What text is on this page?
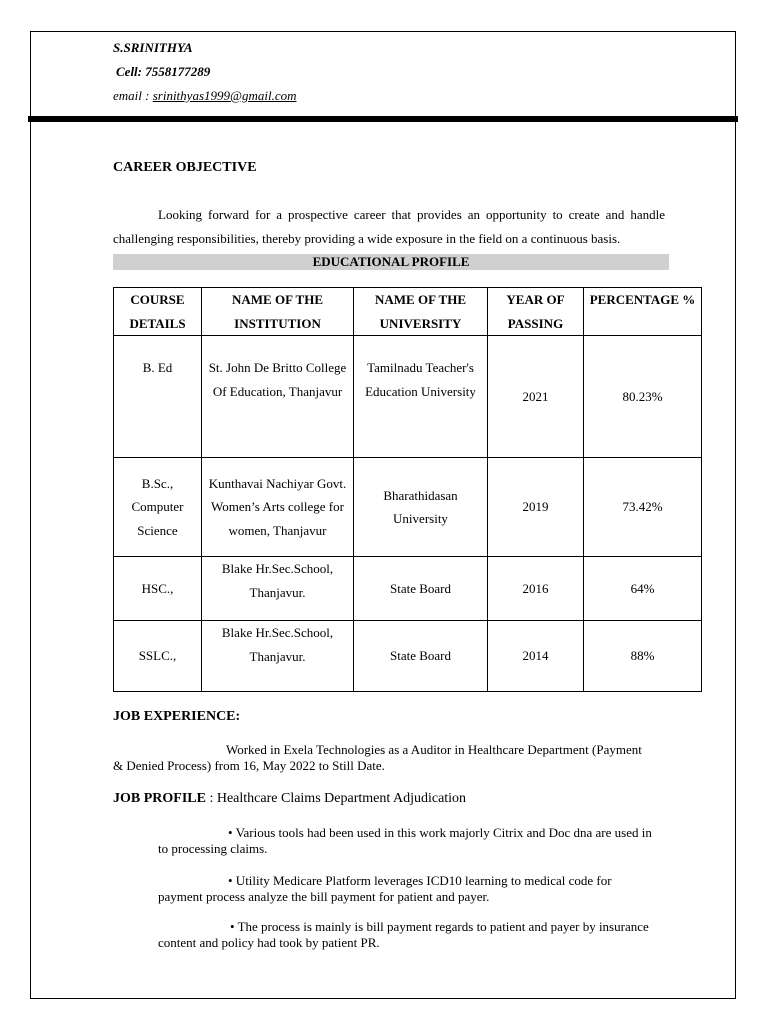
S.SRINITHYA
Cell: 7558177289
email : srinithyas1999@gmail.com
CAREER OBJECTIVE
Looking forward for a prospective career that provides an opportunity to create and handle challenging responsibilities, thereby providing a wide exposure in the field on a continuous basis.
EDUCATIONAL PROFILE
COURSE DETAILS	NAME OF THE INSTITUTION	NAME OF THE UNIVERSITY	YEAR OF PASSING	PERCENTAGE %
B. Ed	St. John De Britto College Of Education, Thanjavur	Tamilnadu Teacher's Education University	2021	80.23%
B.Sc., Computer Science	Kunthavai Nachiyar Govt. Women’s Arts college for women, Thanjavur	Bharathidasan University	2019	73.42%
HSC.,	Blake Hr.Sec.School, Thanjavur.	State Board	2016	64%
SSLC.,	Blake Hr.Sec.School, Thanjavur.	State Board	2014	88%
JOB EXPERIENCE:
Worked in Exela Technologies as a Auditor in Healthcare Department (Payment
& Denied Process) from 16, May 2022 to Still Date.
JOB PROFILE : Healthcare Claims Department Adjudication
• Various tools had been used in this work majorly Citrix and Doc dna are used in
to processing claims.
• Utility Medicare Platform leverages ICD10 learning to medical code for
payment process analyze the bill payment for patient and payer.
• The process is mainly is bill payment regards to patient and payer by insurance
content and policy had took by patient PR.
